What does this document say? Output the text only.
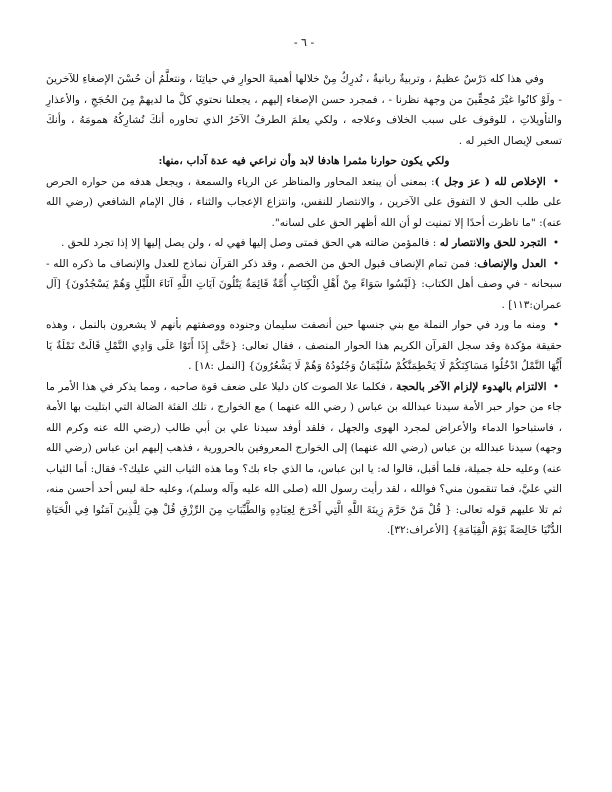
- ٦ -

وفي هذا كله دَرْسٌ عظيمٌ ، وتربيةٌ ربانيةٌ ، نُدرِكُ مِنْ خلالها أهميةَ الحوارِ في حياتِنَا ، ونتعلَّمُ أن حُسْنَ الإصغاءِ للآخرينَ - ولَوْ كانُوا غيْرَ مُحِقِّينَ من وجهة نظرنا - ، فمجرد حسن الإصغاء إليهم ، يجعلنا نحتوي كلَّ ما لديهمْ مِنَ الحُجَجِ ، والأعذارِ والتأويلاتِ ، للوقوف على سبب الخلاف وعلاجه ، ولكي يعلمَ الطرفُ الآخَرُ الذي تحاوره أنكَ تُشارِكُهُ همومَهُ ، وأنكَ تسعى لإيصال الخير له .

ولكي يكون حوارنا مثمرا هادفا لابد وأن نراعي فيه عدة آداب ،منها:

• الإخلاص لله ( عز وجل ): بمعنى أن يبتعد المحاور والمناظر عن الرياء والسمعة ، ويجعل هدفه من حواره الحرص على طلب الحق لا التفوق على الآخرين ، والانتصار للنفس، وانتزاع الإعجاب والثناء ، قال الإمام الشافعي (رضي الله عنه): "ما ناظرت أحدًا إلا تمنيت لو أن الله أظهر الحق على لسانه".

• التجرد للحق والانتصار له : فالمؤمن ضالته هي الحق فمتى وصل إليها فهي له ، ولن يصل إليها إلا إذا تجرد للحق .

• العدل والإنصاف: فمن تمام الإنصاف قبول الحق من الخصم ، وقد ذكر القرآن نماذج للعدل والإنصاف ما ذكره الله - سبحانه - في وصف أهل الكتاب: {لَيْسُوا سَوَاءً مِنْ أَهْلِ الْكِتَابِ أُمَّةٌ قَائِمَةٌ يَتْلُونَ آيَاتِ اللَّهِ آنَاءَ اللَّيْلِ وَهُمْ يَسْجُدُونَ} [آل عمران:١١٣] .

• ومنه ما ورد في حوار النملة مع بني جنسها حين أنصفت سليمان وجنوده ووصفتهم بأنهم لا يشعرون بالنمل ، وهذه حقيقة مؤكدة وقد سجل القرآن الكريم هذا الحوار المنصف ، فقال تعالى: {حَتَّى إِذَا أَتَوْا عَلَى وَادِي النَّمْلِ قَالَتْ نَمْلَةٌ يَا أَيُّهَا النَّمْلُ ادْخُلُوا مَسَاكِنَكُمْ لَا يَحْطِمَنَّكُمْ سُلَيْمَانُ وَجُنُودُهُ وَهُمْ لَا يَشْعُرُونَ} [النمل :١٨] .

• الالتزام بالهدوء لإلزام الآخر بالحجة ، فكلما علا الصوت كان دليلا على ضعف قوة صاحبه ، ومما يذكر في هذا الأمر ما جاء من حوار حبر الأمة سيدنا عبدالله بن عباس ( رضي الله عنهما ) مع الخوارج ، تلك الفئة الضالة التي ابتليت بها الأمة ، فاستباحوا الدماء والأعراض لمجرد الهوى والجهل ، فلقد أوفد سيدنا علي بن أبي طالب (رضي الله عنه وكرم الله وجهه) سيدنا عبدالله بن عباس (رضي الله عنهما) إلى الخوارج المعروفين بالحرورية ، فذهب إليهم ابن عباس (رضي الله عنه) وعليه حلة جميلة، فلما أقبل، قالوا له: يا ابن عباس، ما الذي جاء بك؟ وما هذه الثياب التي عليك؟- فقال: أما الثياب التي عليَّ، فما تنقمون مني؟ فوالله ، لقد رأيت رسول الله (صلى الله عليه وآله وسلم)، وعليه حلة ليس أحد أحسن منه، ثم تلا عليهم قوله تعالى: { قُلْ مَنْ حَرَّمَ زِينَةَ اللَّهِ الَّتِي أَخْرَجَ لِعِبَادِهِ وَالطَّيِّبَاتِ مِنَ الرِّزْقِ قُلْ هِيَ لِلَّذِينَ آمَنُوا فِي الْحَيَاةِ الدُّنْيَا خَالِصَةً يَوْمَ الْقِيَامَةِ} [الأعراف:٣٢].
